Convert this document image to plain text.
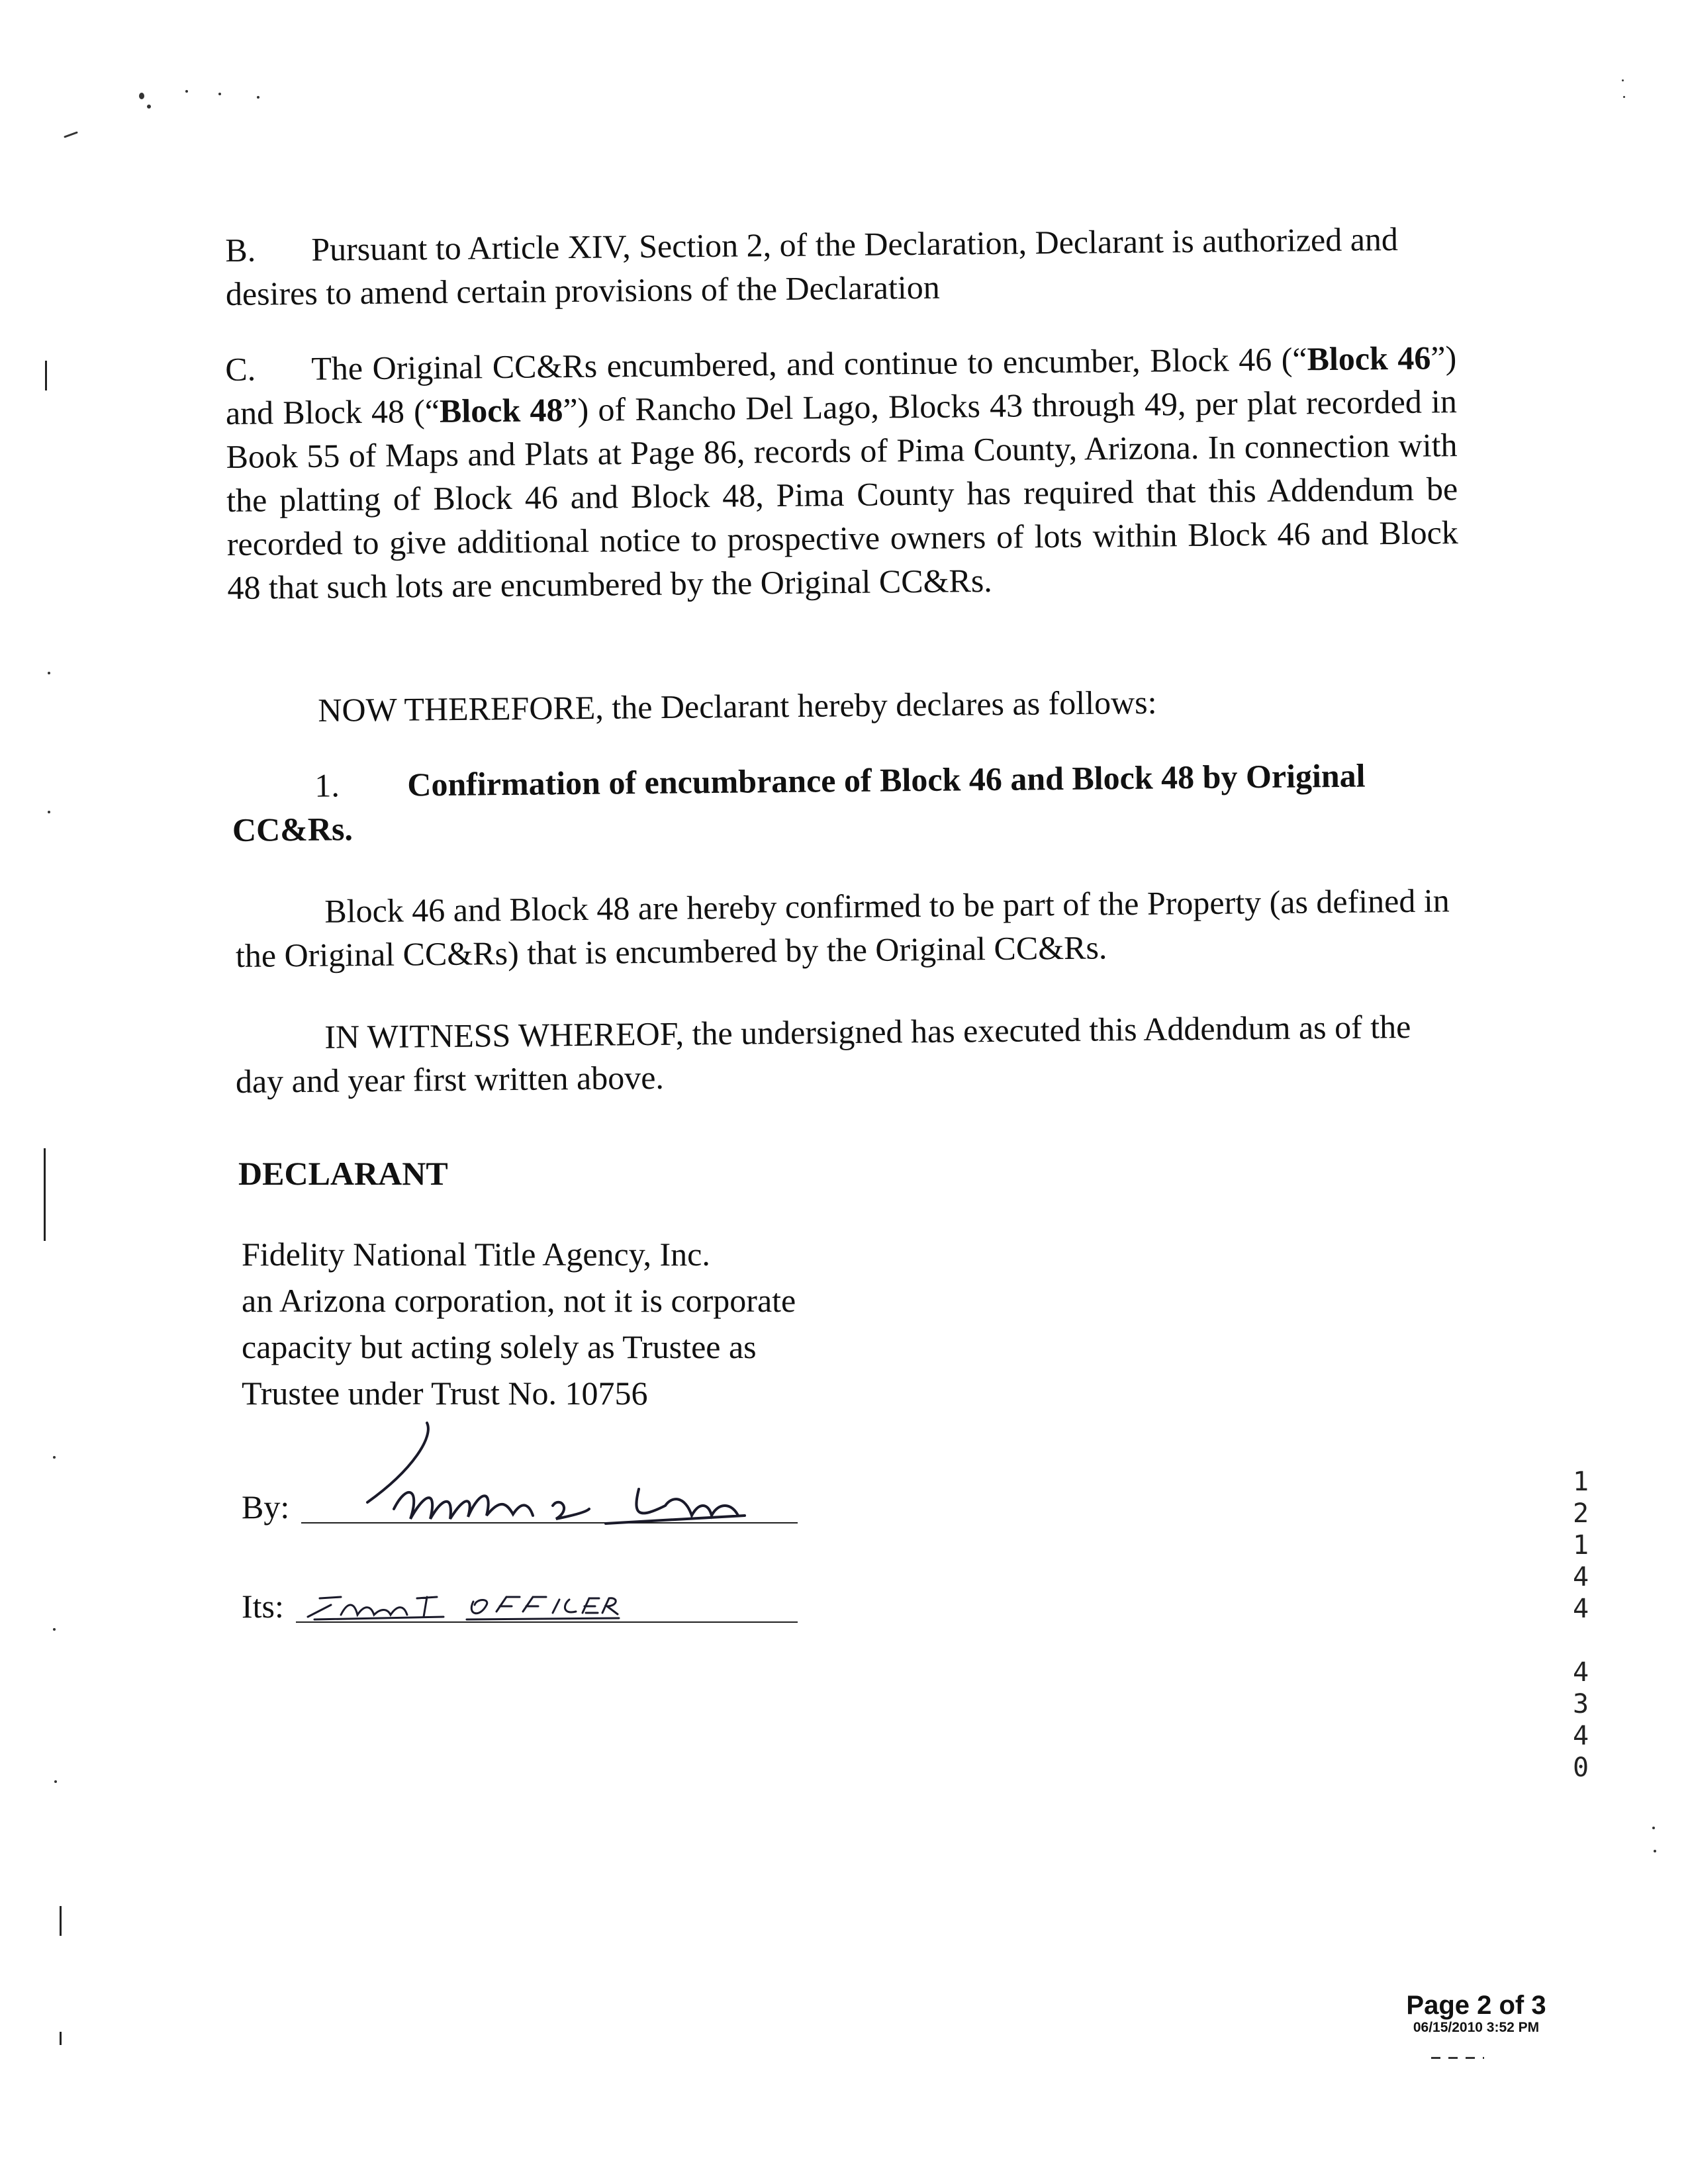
B. Pursuant to Article XIV, Section 2, of the Declaration, Declarant is authorized and desires to amend certain provisions of the Declaration
C. The Original CC&Rs encumbered, and continue to encumber, Block 46 (“Block 46”) and Block 48 (“Block 48”) of Rancho Del Lago, Blocks 43 through 49, per plat recorded in Book 55 of Maps and Plats at Page 86, records of Pima County, Arizona. In connection with the platting of Block 46 and Block 48, Pima County has required that this Addendum be recorded to give additional notice to prospective owners of lots within Block 46 and Block 48 that such lots are encumbered by the Original CC&Rs.
NOW THEREFORE, the Declarant hereby declares as follows:
1. Confirmation of encumbrance of Block 46 and Block 48 by Original CC&Rs.
Block 46 and Block 48 are hereby confirmed to be part of the Property (as defined in the Original CC&Rs) that is encumbered by the Original CC&Rs.
IN WITNESS WHEREOF, the undersigned has executed this Addendum as of the day and year first written above.
DECLARANT
Fidelity National Title Agency, Inc.
an Arizona corporation, not it is corporate
capacity but acting solely as Trustee as
Trustee under Trust No. 10756
By:
Its:
1
2
1
4
4
4
3
4
0
Page 2 of 3
06/15/2010 3:52 PM
